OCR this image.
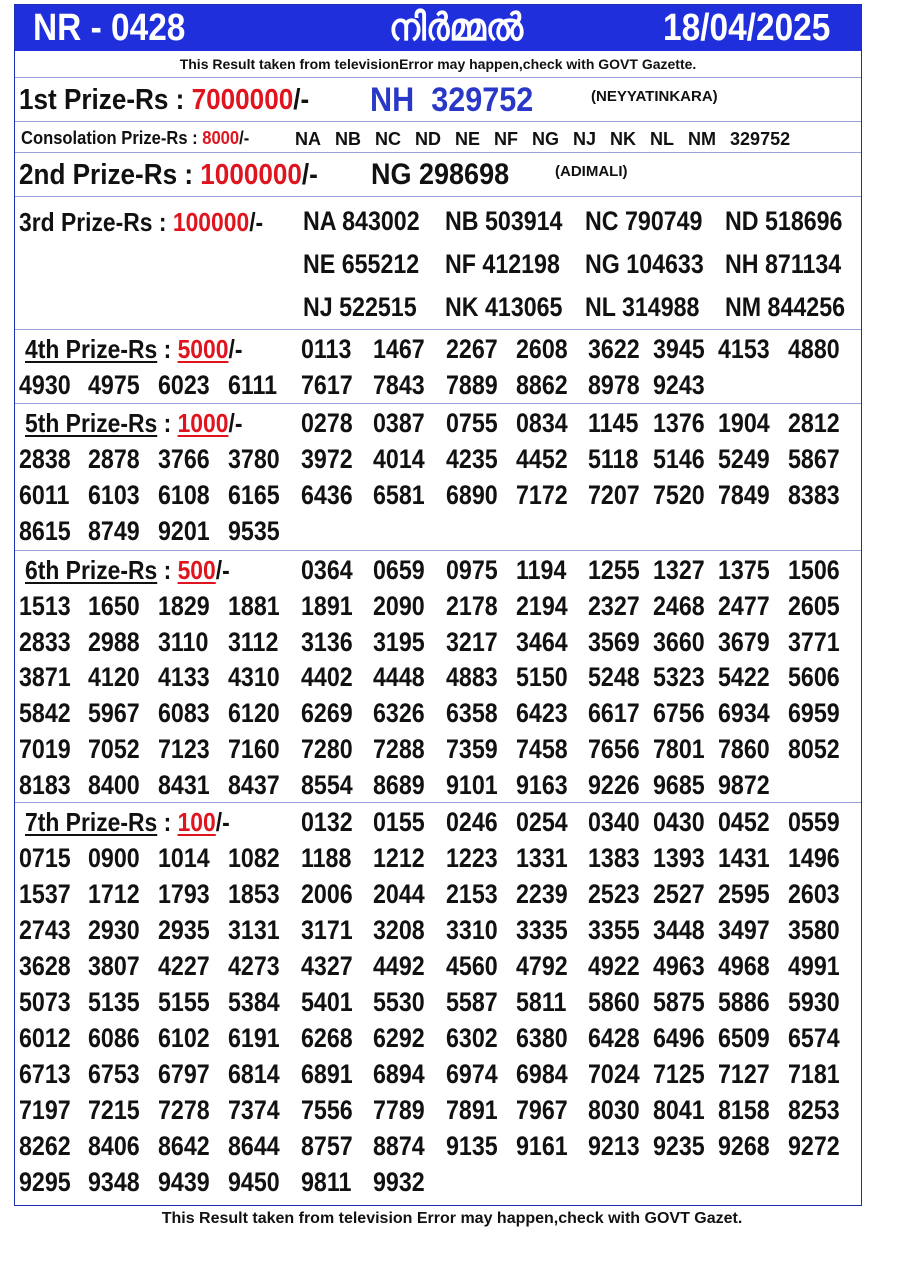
NR - 0428	നിർമ്മൽ	18/04/2025
This Result taken from televisionError may happen,check with GOVT Gazette.
1st Prize-Rs : 7000000/- NH  329752	(NEYYATINKARA)
Consolation Prize-Rs : 8000/-	NA NB NC ND NE NF NG NJ NK NL NM 329752
2nd Prize-Rs : 1000000/- NG 298698	(ADIMALI)
3rd Prize-Rs : 100000/- NA 843002 NB 503914 NC 790749 ND 518696
NE 655212 NF 412198 NG 104633 NH 871134
NJ 522515 NK 413065 NL 314988 NM 844256
4th Prize-Rs : 5000/- 0113 1467 2267 2608 3622 3945 4153 4880
4930 4975 6023 6111 7617 7843 7889 8862 8978 9243
5th Prize-Rs : 1000/- 0278 0387 0755 0834 1145 1376 1904 2812
2838 2878 3766 3780 3972 4014 4235 4452 5118 5146 5249 5867
6011 6103 6108 6165 6436 6581 6890 7172 7207 7520 7849 8383
8615 8749 9201 9535
6th Prize-Rs : 500/-	0364 0659 0975 1194 1255 1327 1375 1506
1513 1650 1829 1881 1891 2090 2178 2194 2327 2468 2477 2605
2833 2988 3110 3112 3136 3195 3217 3464 3569 3660 3679 3771
3871 4120 4133 4310 4402 4448 4883 5150 5248 5323 5422 5606
5842 5967 6083 6120 6269 6326 6358 6423 6617 6756 6934 6959
7019 7052 7123 7160 7280 7288 7359 7458 7656 7801 7860 8052
8183 8400 8431 8437 8554 8689 9101 9163 9226 9685 9872
7th Prize-Rs : 100/-	0132 0155 0246 0254 0340 0430 0452 0559
0715 0900 1014 1082 1188 1212 1223 1331 1383 1393 1431 1496
1537 1712 1793 1853 2006 2044 2153 2239 2523 2527 2595 2603
2743 2930 2935 3131 3171 3208 3310 3335 3355 3448 3497 3580
3628 3807 4227 4273 4327 4492 4560 4792 4922 4963 4968 4991
5073 5135 5155 5384 5401 5530 5587 5811 5860 5875 5886 5930
6012 6086 6102 6191 6268 6292 6302 6380 6428 6496 6509 6574
6713 6753 6797 6814 6891 6894 6974 6984 7024 7125 7127 7181
7197 7215 7278 7374 7556 7789 7891 7967 8030 8041 8158 8253
8262 8406 8642 8644 8757 8874 9135 9161 9213 9235 9268 9272
9295 9348 9439 9450 9811 9932
This Result taken from television Error may happen,check with GOVT Gazet.
